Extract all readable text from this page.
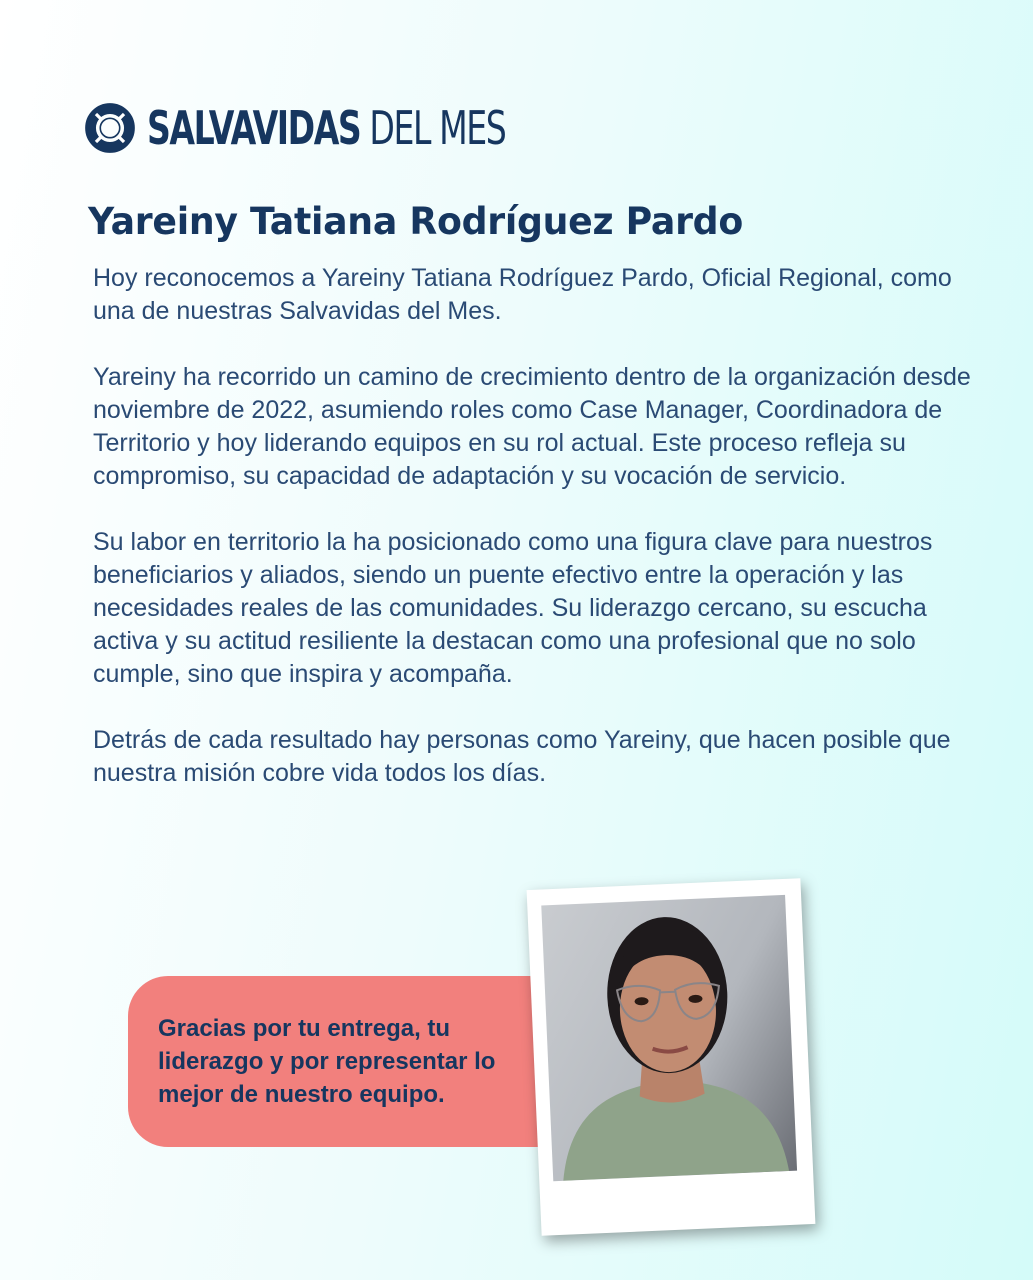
SALVAVIDAS DEL MES
Yareiny Tatiana Rodríguez Pardo

Hoy reconocemos a Yareiny Tatiana Rodríguez Pardo, Oficial Regional, como una de nuestras Salvavidas del Mes.

Yareiny ha recorrido un camino de crecimiento dentro de la organización desde noviembre de 2022, asumiendo roles como Case Manager, Coordinadora de Territorio y hoy liderando equipos en su rol actual. Este proceso refleja su compromiso, su capacidad de adaptación y su vocación de servicio.

Su labor en territorio la ha posicionado como una figura clave para nuestros beneficiarios y aliados, siendo un puente efectivo entre la operación y las necesidades reales de las comunidades. Su liderazgo cercano, su escucha activa y su actitud resiliente la destacan como una profesional que no solo cumple, sino que inspira y acompaña.

Detrás de cada resultado hay personas como Yareiny, que hacen posible que nuestra misión cobre vida todos los días.

Gracias por tu entrega, tu liderazgo y por representar lo mejor de nuestro equipo.
